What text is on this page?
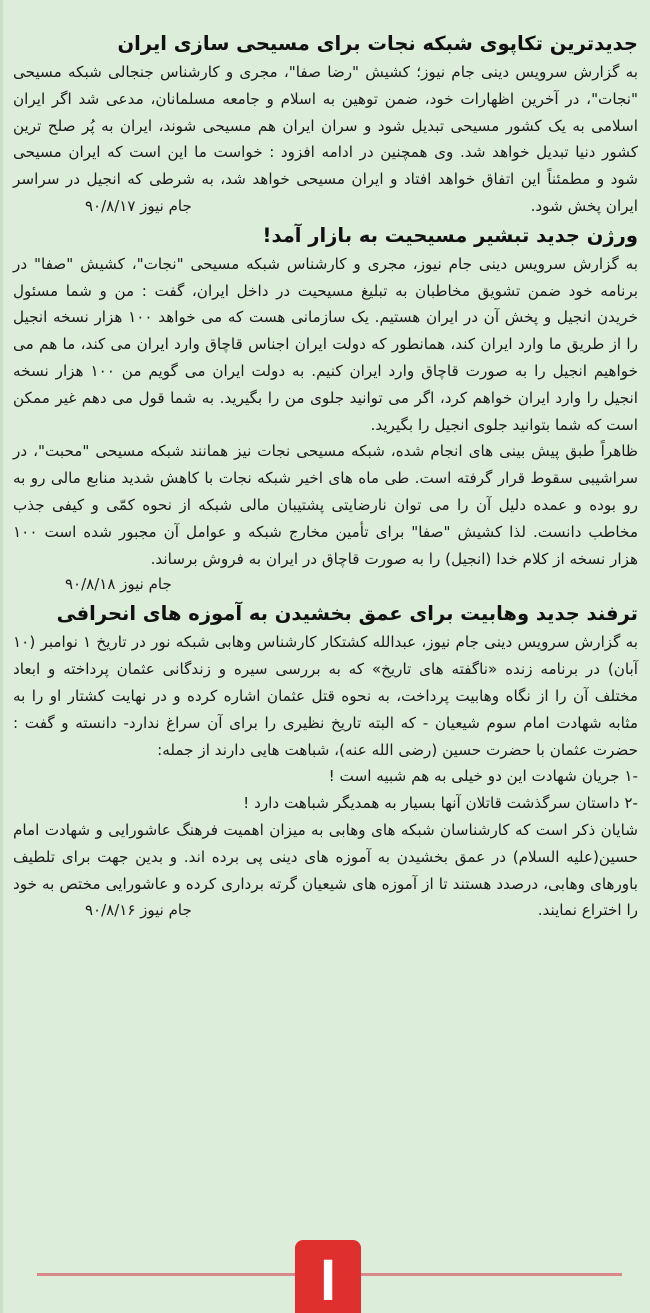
جدیدترین تکاپوی شبکه نجات برای مسیحی سازی ایران

به گزارش سرویس دینی جام نیوز؛ کشیش "رضا صفا"، مجری و کارشناس جنجالی شبکه مسیحی "نجات"، در آخرین اظهارات خود، ضمن توهین به اسلام و جامعه مسلمانان، مدعی شد اگر ایران اسلامی به یک کشور مسیحی تبدیل شود و سران ایران هم مسیحی شوند، ایران به پُر صلح ترین کشور دنیا تبدیل خواهد شد. وی همچنین در ادامه افزود : خواست ما این است که ایران مسیحی شود و مطمئناً این اتفاق خواهد افتاد و ایران مسیحی خواهد شد، به شرطی که انجیل در سراسر ایران پخش شود.

جام نیوز ۹۰/۸/۱۷
ورژن جدید تبشیر مسیحیت به بازار آمد!

به گزارش سرویس دینی جام نیوز، مجری و کارشناس شبکه مسیحی "نجات"، کشیش "صفا" در برنامه خود ضمن تشویق مخاطبان به تبلیغ مسیحیت در داخل ایران، گفت : من و شما مسئول خریدن انجیل و پخش آن در ایران هستیم. یک سازمانی هست که می خواهد ۱۰۰ هزار نسخه انجیل را از طریق ما وارد ایران کند، همانطور که دولت ایران اجناس قاچاق وارد ایران می کند، ما هم می خواهیم انجیل را به صورت قاچاق وارد ایران کنیم. به دولت ایران می گویم من ۱۰۰ هزار نسخه انجیل را وارد ایران خواهم کرد، اگر می توانید جلوی من را بگیرید. به شما قول می دهم غیر ممکن است که شما بتوانید جلوی انجیل را بگیرید.

ظاهراً طبق پیش بینی های انجام شده، شبکه مسیحی نجات نیز همانند شبکه مسیحی "محبت"، در سراشیبی سقوط قرار گرفته است. طی ماه های اخیر شبکه نجات با کاهش شدید منابع مالی رو به رو بوده و عمده دلیل آن را می توان نارضایتی پشتیبان مالی شبکه از نحوه کمّی و کیفی جذب مخاطب دانست. لذا کشیش "صفا" برای تأمین مخارج شبکه و عوامل آن مجبور شده است ۱۰۰ هزار نسخه از کلام خدا (انجیل) را به صورت قاچاق در ایران به فروش برساند.

جام نیوز ۹۰/۸/۱۸
ترفند جدید وهابیت برای عمق بخشیدن به آموزه های انحرافی

به گزارش سرویس دینی جام نیوز، عبدالله کشتکار کارشناس وهابی شبکه نور در تاریخ ۱ نوامبر (۱۰ آبان) در برنامه زنده «ناگفته های تاریخ» که به بررسی سیره و زندگانی عثمان پرداخته و ابعاد مختلف آن را از نگاه وهابیت پرداخت، به نحوه قتل عثمان اشاره کرده و در نهایت کشتار او را به مثابه شهادت امام سوم شیعیان - که البته تاریخ نظیری را برای آن سراغ ندارد- دانسته و گفت : حضرت عثمان با حضرت حسین (رضی الله عنه)، شباهت هایی دارند از جمله:

-۱ جریان شهادت این دو خیلی به هم شبیه است !

-۲ داستان سرگذشت قاتلان آنها بسیار به همدیگر شباهت دارد !

شایان ذکر است که کارشناسان شبکه های وهابی به میزان اهمیت فرهنگ عاشورایی و شهادت امام حسین(علیه السلام) در عمق بخشیدن به آموزه های دینی پی برده اند. و بدین جهت برای تلطیف باورهای وهابی، درصدد هستند تا از آموزه های شیعیان گرته برداری کرده و عاشورایی مختص به خود را اختراع نمایند.

جام نیوز ۹۰/۸/۱۶
I
